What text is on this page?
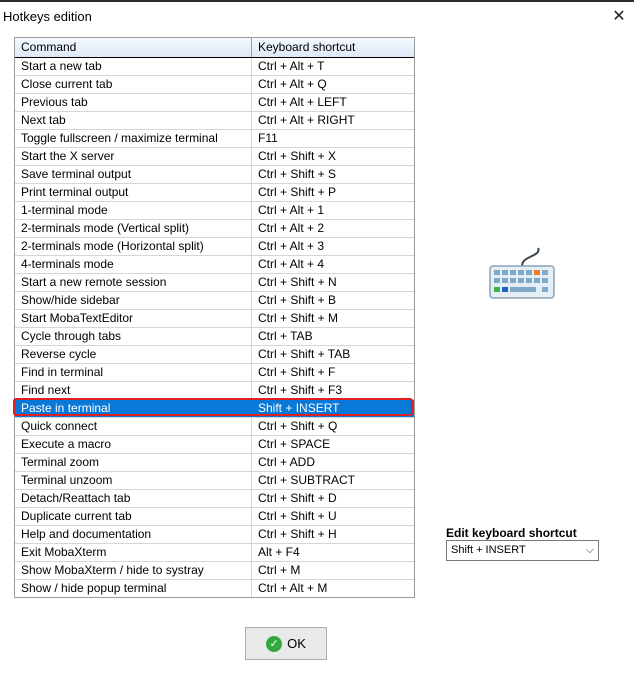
Hotkeys edition	✕
Command	Keyboard shortcut
Start a new tab	Ctrl + Alt + T
Close current tab	Ctrl + Alt + Q
Previous tab	Ctrl + Alt + LEFT
Next tab	Ctrl + Alt + RIGHT
Toggle fullscreen / maximize terminal	F11
Start the X server	Ctrl + Shift + X
Save terminal output	Ctrl + Shift + S
Print terminal output	Ctrl + Shift + P
1-terminal mode	Ctrl + Alt + 1
2-terminals mode (Vertical split)	Ctrl + Alt + 2
2-terminals mode (Horizontal split)	Ctrl + Alt + 3
4-terminals mode	Ctrl + Alt + 4
Start a new remote session	Ctrl + Shift + N
Show/hide sidebar	Ctrl + Shift + B
Start MobaTextEditor	Ctrl + Shift + M
Cycle through tabs	Ctrl + TAB
Reverse cycle	Ctrl + Shift + TAB
Find in terminal	Ctrl + Shift + F
Find next	Ctrl + Shift + F3
Paste in terminal	Shift + INSERT
Quick connect	Ctrl + Shift + Q
Execute a macro	Ctrl + SPACE
Terminal zoom	Ctrl + ADD
Terminal unzoom	Ctrl + SUBTRACT
Detach/Reattach tab	Ctrl + Shift + D
Duplicate current tab	Ctrl + Shift + U
Help and documentation	Ctrl + Shift + H
Exit MobaXterm	Alt + F4
Show MobaXterm / hide to systray	Ctrl + M
Show / hide popup terminal	Ctrl + Alt + M
Edit keyboard shortcut
Shift + INSERT	⌵
✓ OK
